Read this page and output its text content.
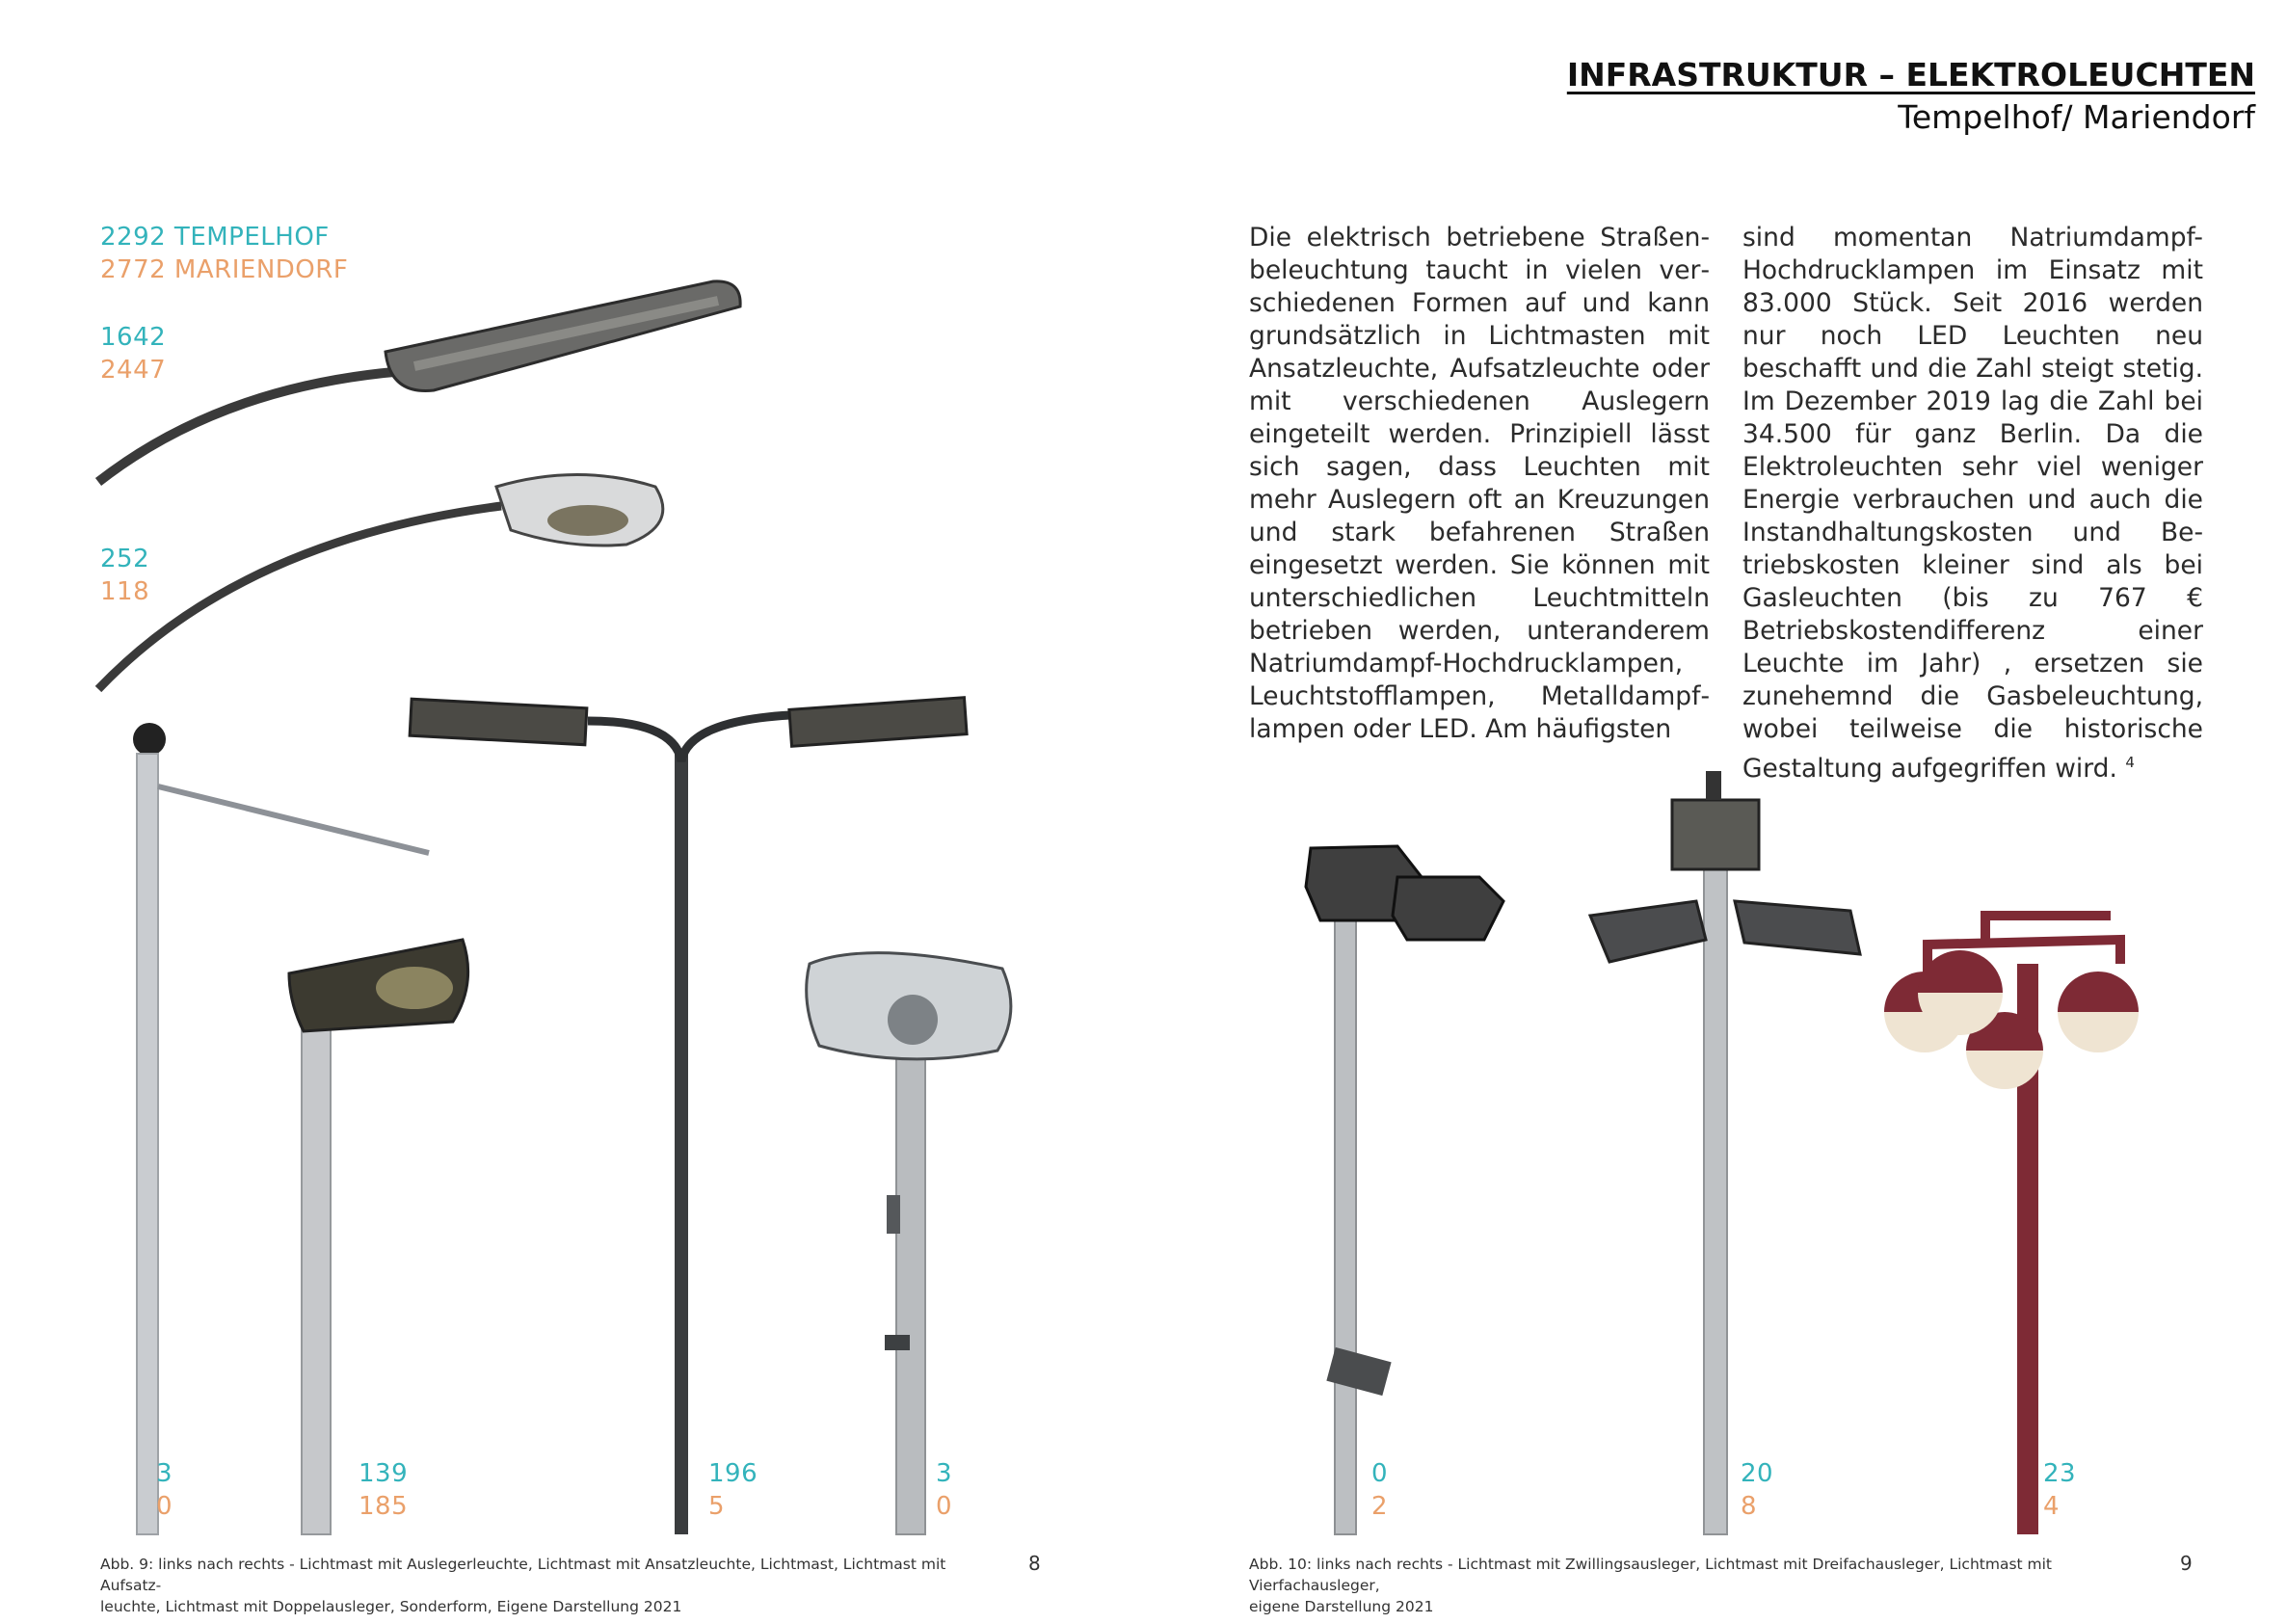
INFRASTRUKTUR – ELEKTROLEUCHTEN
Tempelhof/ Mariendorf
2292 TEMPELHOF
2772 MARIENDORF
1642
2447
252
118
3
0
139
185
196
5
3
0
Abb. 9: links nach rechts - Lichtmast mit Auslegerleuchte, Lichtmast mit Ansatzleuchte, Lichtmast, Lichtmast mit Aufsatz-
leuchte, Lichtmast mit Doppelausleger, Sonderform, Eigene Darstellung 2021
8
Die elektrisch betriebene Straßenbeleuchtung taucht in vielen verschiedenen Formen auf und kann grundsätzlich in Lichtmasten mit Ansatzleuchte, Aufsatzleuchte oder mit verschiedenen Auslegern eingeteilt werden. Prinzipiell lässt sich sagen, dass Leuchten mit mehr Auslegern oft an Kreuzungen und stark befahrenen Straßen eingesetzt werden. Sie können mit unterschiedlichen Leuchtmitteln betrieben werden, unteranderem Natriumdampf-Hochdrucklampen, Leuchtstofflampen, Metalldampflampen oder LED. Am häufigsten
sind momentan Natriumdampf-Hochdrucklampen im Einsatz mit 83.000 Stück. Seit 2016 werden nur noch LED Leuchten neu beschafft und die Zahl steigt stetig. Im Dezember 2019 lag die Zahl bei 34.500 für ganz Berlin. Da die Elektroleuchten sehr viel weniger Energie verbrauchen und auch die Instandhaltungskosten und Betriebskosten kleiner sind als bei Gasleuchten (bis zu 767 € Betriebskostendifferenz einer Leuchte im Jahr) , ersetzen sie zunehemnd die Gasbeleuchtung, wobei teilweise die historische Gestaltung aufgegriffen wird. $^4$
0
2
20
8
23
4
Abb. 10: links nach rechts - Lichtmast mit Zwillingsausleger, Lichtmast mit Dreifachausleger, Lichtmast mit Vierfachausleger,
eigene Darstellung 2021
9
